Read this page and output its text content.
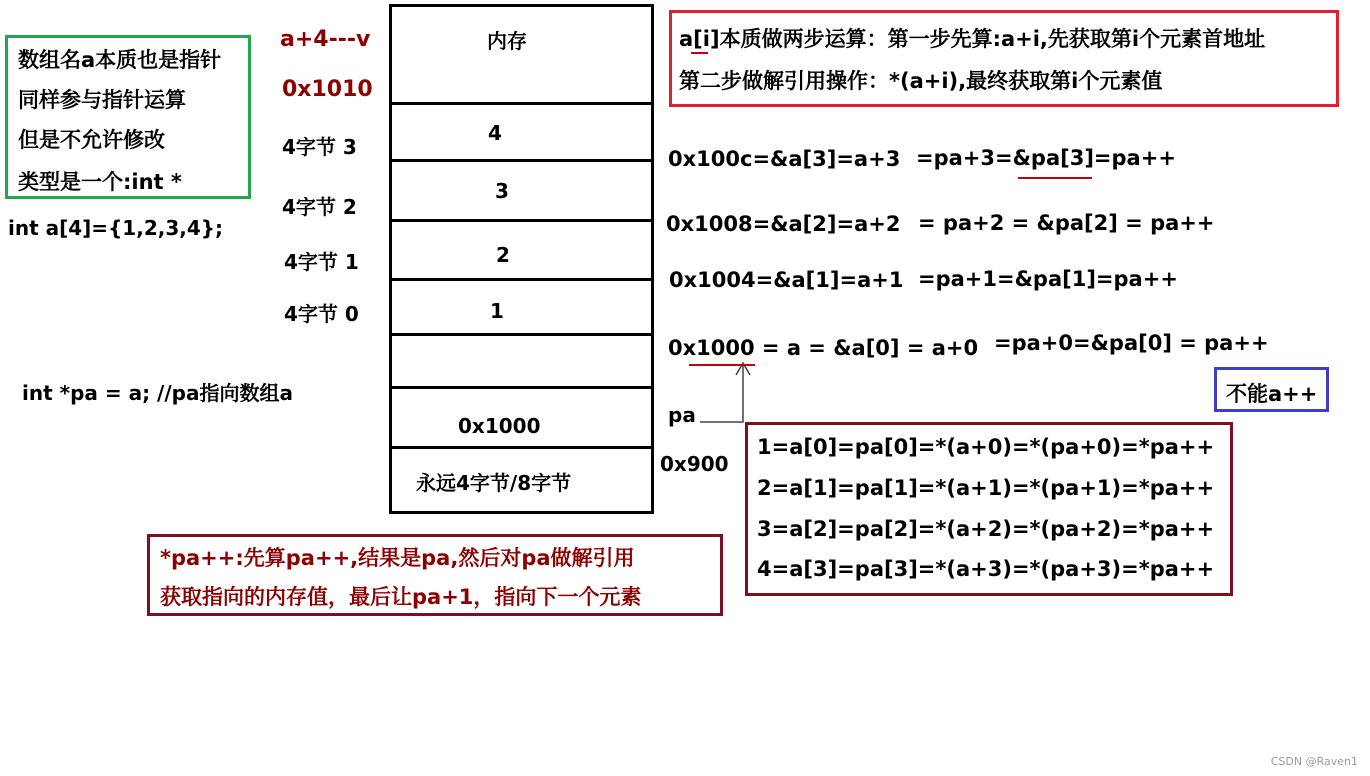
数组名a本质也是指针
同样参与指针运算
但是不允许修改
类型是一个:int *
int a[4]={1,2,3,4};
int *pa = a; //pa指向数组a
a+4---v
0x1010
4字节 3
4字节 2
4字节 1
4字节 0
内存
4
3
2
1
0x1000
永远4字节/8字节
pa
0x900
a[i]本质做两步运算：第一步先算:a+i,先获取第i个元素首地址
第二步做解引用操作：*(a+i),最终获取第i个元素值
0x100c=&a[3]=a+3 =pa+3=&pa[3]=pa++
0x1008=&a[2]=a+2 = pa+2 = &pa[2] = pa++
0x1004=&a[1]=a+1 =pa+1=&pa[1]=pa++
0x1000 = a = &a[0] = a+0 =pa+0=&pa[0] = pa++
不能a++
1=a[0]=pa[0]=*(a+0)=*(pa+0)=*pa++
2=a[1]=pa[1]=*(a+1)=*(pa+1)=*pa++
3=a[2]=pa[2]=*(a+2)=*(pa+2)=*pa++
4=a[3]=pa[3]=*(a+3)=*(pa+3)=*pa++
*pa++:先算pa++,结果是pa,然后对pa做解引用
获取指向的内存值，最后让pa+1，指向下一个元素
CSDN @Raven1
